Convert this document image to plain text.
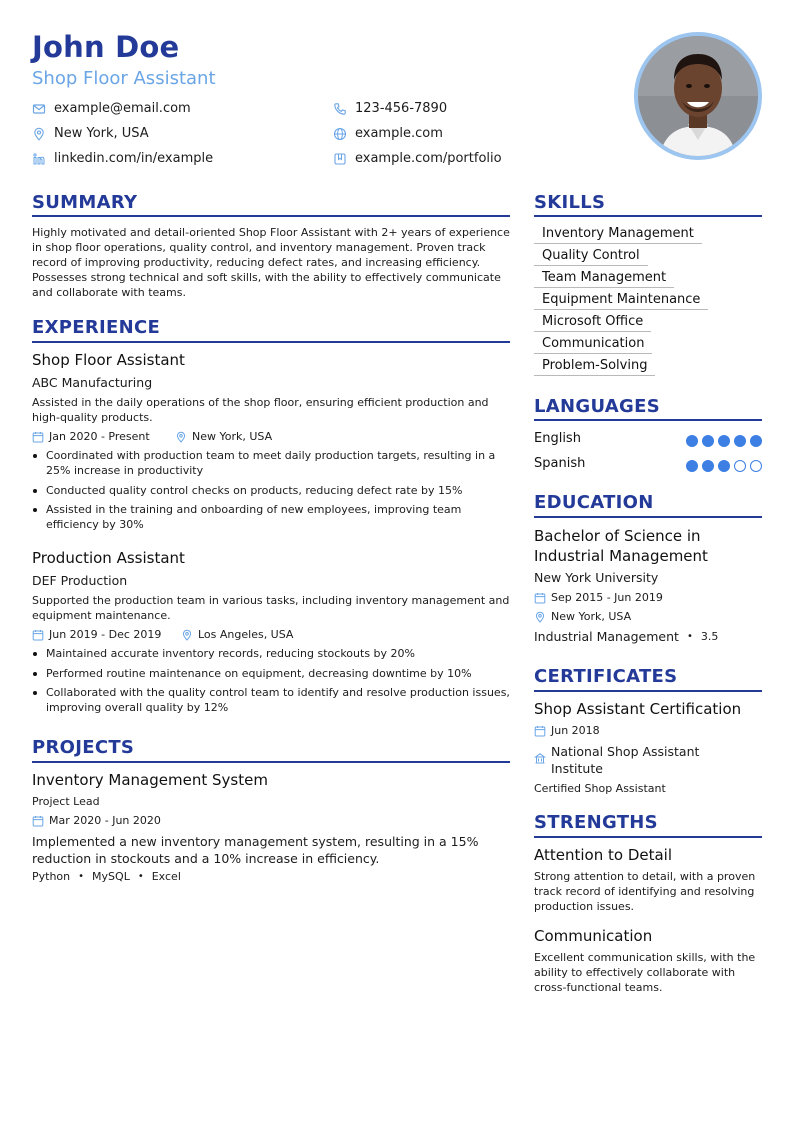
John Doe
Shop Floor Assistant
example@email.com	123-456-7890
New York, USA	example.com
linkedin.com/in/example	example.com/portfolio
SUMMARY
Highly motivated and detail-oriented Shop Floor Assistant with 2+ years of experience in shop floor operations, quality control, and inventory management. Proven track record of improving productivity, reducing defect rates, and increasing efficiency. Possesses strong technical and soft skills, with the ability to effectively communicate and collaborate with teams.
EXPERIENCE
Shop Floor Assistant
ABC Manufacturing
Assisted in the daily operations of the shop floor, ensuring efficient production and high-quality products.
Jan 2020 - Present	New York, USA
Coordinated with production team to meet daily production targets, resulting in a 25% increase in productivity
Conducted quality control checks on products, reducing defect rate by 15%
Assisted in the training and onboarding of new employees, improving team efficiency by 30%
Production Assistant
DEF Production
Supported the production team in various tasks, including inventory management and equipment maintenance.
Jun 2019 - Dec 2019	Los Angeles, USA
Maintained accurate inventory records, reducing stockouts by 20%
Performed routine maintenance on equipment, decreasing downtime by 10%
Collaborated with the quality control team to identify and resolve production issues, improving overall quality by 12%
PROJECTS
Inventory Management System
Project Lead
Mar 2020 - Jun 2020
Implemented a new inventory management system, resulting in a 15% reduction in stockouts and a 10% increase in efficiency.
Python • MySQL • Excel
SKILLS
Inventory Management
Quality Control
Team Management
Equipment Maintenance
Microsoft Office
Communication
Problem-Solving
LANGUAGES
English
Spanish
EDUCATION
Bachelor of Science in Industrial Management
New York University
Sep 2015 - Jun 2019
New York, USA
Industrial Management • 3.5
CERTIFICATES
Shop Assistant Certification
Jun 2018
National Shop Assistant Institute
Certified Shop Assistant
STRENGTHS
Attention to Detail
Strong attention to detail, with a proven track record of identifying and resolving production issues.
Communication
Excellent communication skills, with the ability to effectively collaborate with cross-functional teams.
